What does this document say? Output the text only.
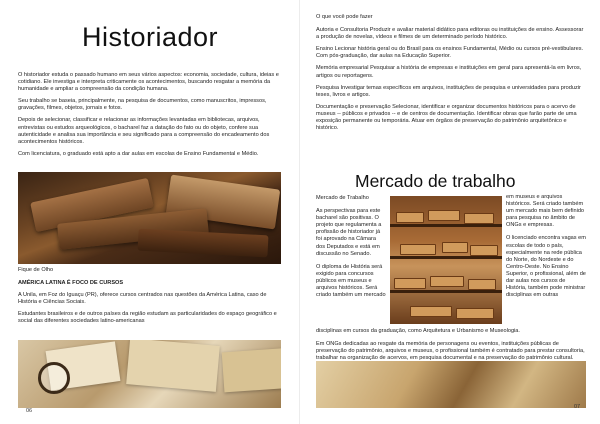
Historiador

O historiador estuda o passado humano em seus vários aspectos: economia, sociedade, cultura, ideias e cotidiano. Ele investiga e interpreta criticamente os acontecimentos, buscando resgatar a memória da humanidade e ampliar a compreensão da condição humana.

Seu trabalho se baseia, principalmente, na pesquisa de documentos, como manuscritos, impressos, gravações, filmes, objetos, jornais e fotos.

Depois de selecionar, classificar e relacionar as informações levantadas em bibliotecas, arquivos, entrevistas ou estudos arqueológicos, o bacharel faz a datação do fato ou do objeto, confere sua autenticidade e analisa sua importância e seu significado para a compreensão do encadeamento dos acontecimentos históricos.

Com licenciatura, o graduado está apto a dar aulas em escolas de Ensino Fundamental e Médio.

Fique de Olho

AMÉRICA LATINA É FOCO DE CURSOS

A Unila, em Foz do Iguaçu (PR), oferece cursos centrados nas questões da América Latina, caso de História e Ciências Sociais.

Estudantes brasileiros e de outros países da região estudam as particularidades do espaço geográfico e social das diferentes sociedades latino-americanas

06

O que você pode fazer

Autoria e Consultoria Produzir e avaliar material didático para editoras ou instituições de ensino. Assessorar a produção de novelas, vídeos e filmes de um determinado período histórico.

Ensino Lecionar história geral ou do Brasil para os ensinos Fundamental, Médio ou cursos pré-vestibulares. Com pós-graduação, dar aulas na Educação Superior.

Memória empresarial Pesquisar a história de empresas e instituições em geral para apresentá-la em livros, artigos ou reportagens.

Pesquisa Investigar temas específicos em arquivos, instituições de pesquisa e universidades para produzir teses, livros e artigos.

Documentação e preservação Selecionar, identificar e organizar documentos históricos para o acervo de museus -- públicos e privados -- e de centros de documentação. Identificar obras que farão parte de uma exposição permanente ou temporária. Atuar em órgãos de preservação do patrimônio arquitetônico e histórico.

Mercado de trabalho

Mercado de Trabalho

As perspectivas para este bacharel são positivas. O projeto que regulamenta a profissão de historiador já foi aprovado na Câmara dos Deputados e está em discussão no Senado.

O diploma de História será exigido para concursos públicos em museus e arquivos históricos. Será criado também um mercado

em museus e arquivos históricos. Será criado também um mercado mais bem definido para pesquisa no âmbito de ONGs e empresas.

O licenciado encontra vagas em escolas de todo o país, especialmente na rede pública do Norte, do Nordeste e do Centro-Oeste. No Ensino Superior, o profissional, além de dar aulas nos cursos de História, também pode ministrar disciplinas em outras

disciplinas em cursos da graduação, como Arquitetura e Urbanismo e Museologia.

Em ONGs dedicadas ao resgate da memória de personagens ou eventos, instituições públicas de preservação do patrimônio, arquivos e museus, o profissional também é contratado para prestar consultoria, trabalhar na organização de acervos, em pesquisa documental e na preservação do patrimônio cultural.

07
